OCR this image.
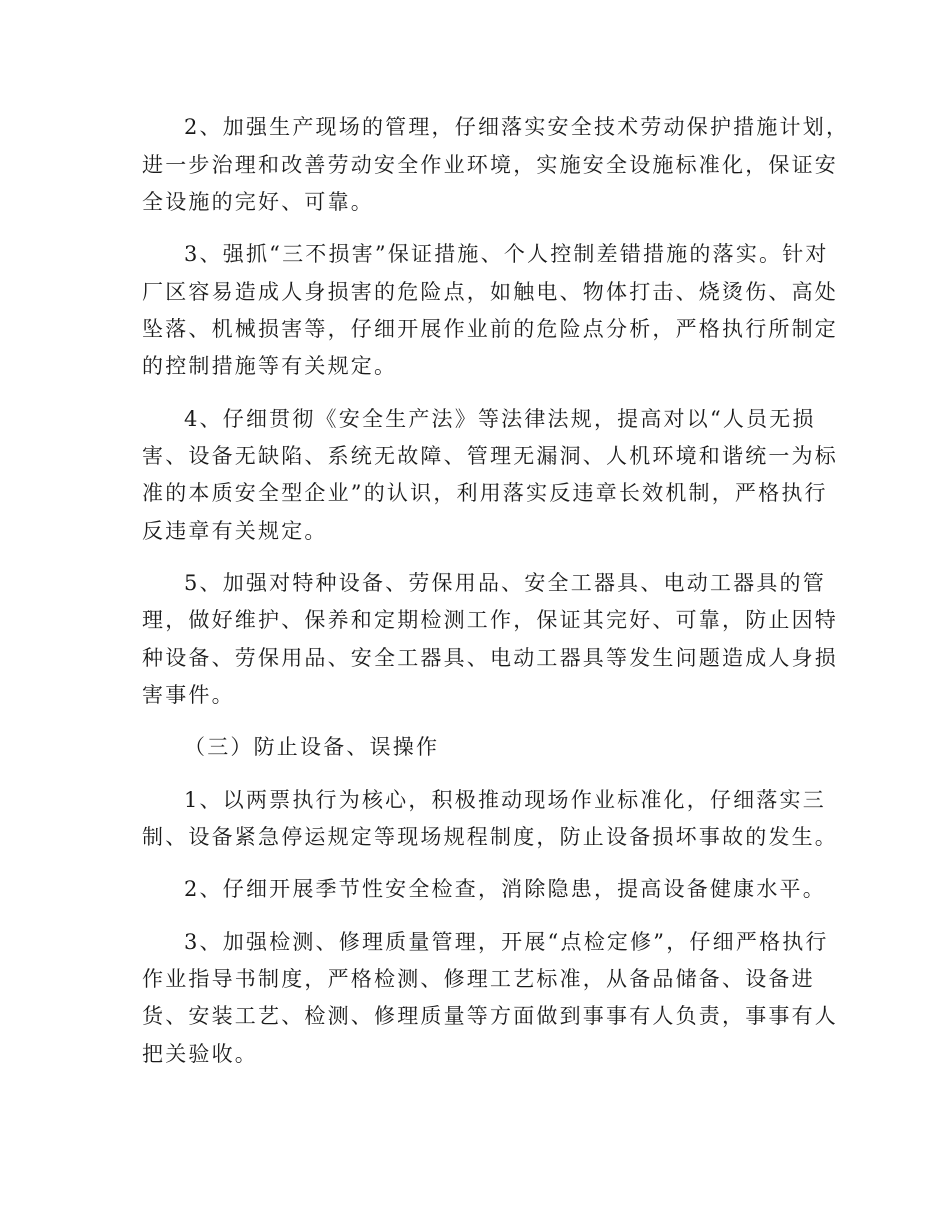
2、加强生产现场的管理，仔细落实安全技术劳动保护措施计划，
进一步治理和改善劳动安全作业环境，实施安全设施标准化，保证安
全设施的完好、可靠。
3、强抓“三不损害”保证措施、个人控制差错措施的落实。针对
厂区容易造成人身损害的危险点，如触电、物体打击、烧烫伤、高处
坠落、机械损害等，仔细开展作业前的危险点分析，严格执行所制定
的控制措施等有关规定。
4、仔细贯彻《安全生产法》等法律法规，提高对以“人员无损
害、设备无缺陷、系统无故障、管理无漏洞、人机环境和谐统一为标
准的本质安全型企业”的认识，利用落实反违章长效机制，严格执行
反违章有关规定。
5、加强对特种设备、劳保用品、安全工器具、电动工器具的管
理，做好维护、保养和定期检测工作，保证其完好、可靠，防止因特
种设备、劳保用品、安全工器具、电动工器具等发生问题造成人身损
害事件。
（三）防止设备、误操作
1、以两票执行为核心，积极推动现场作业标准化，仔细落实三
制、设备紧急停运规定等现场规程制度，防止设备损坏事故的发生。
2、仔细开展季节性安全检查，消除隐患，提高设备健康水平。
3、加强检测、修理质量管理，开展“点检定修”，仔细严格执行
作业指导书制度，严格检测、修理工艺标准，从备品储备、设备进
货、安装工艺、检测、修理质量等方面做到事事有人负责，事事有人
把关验收。
